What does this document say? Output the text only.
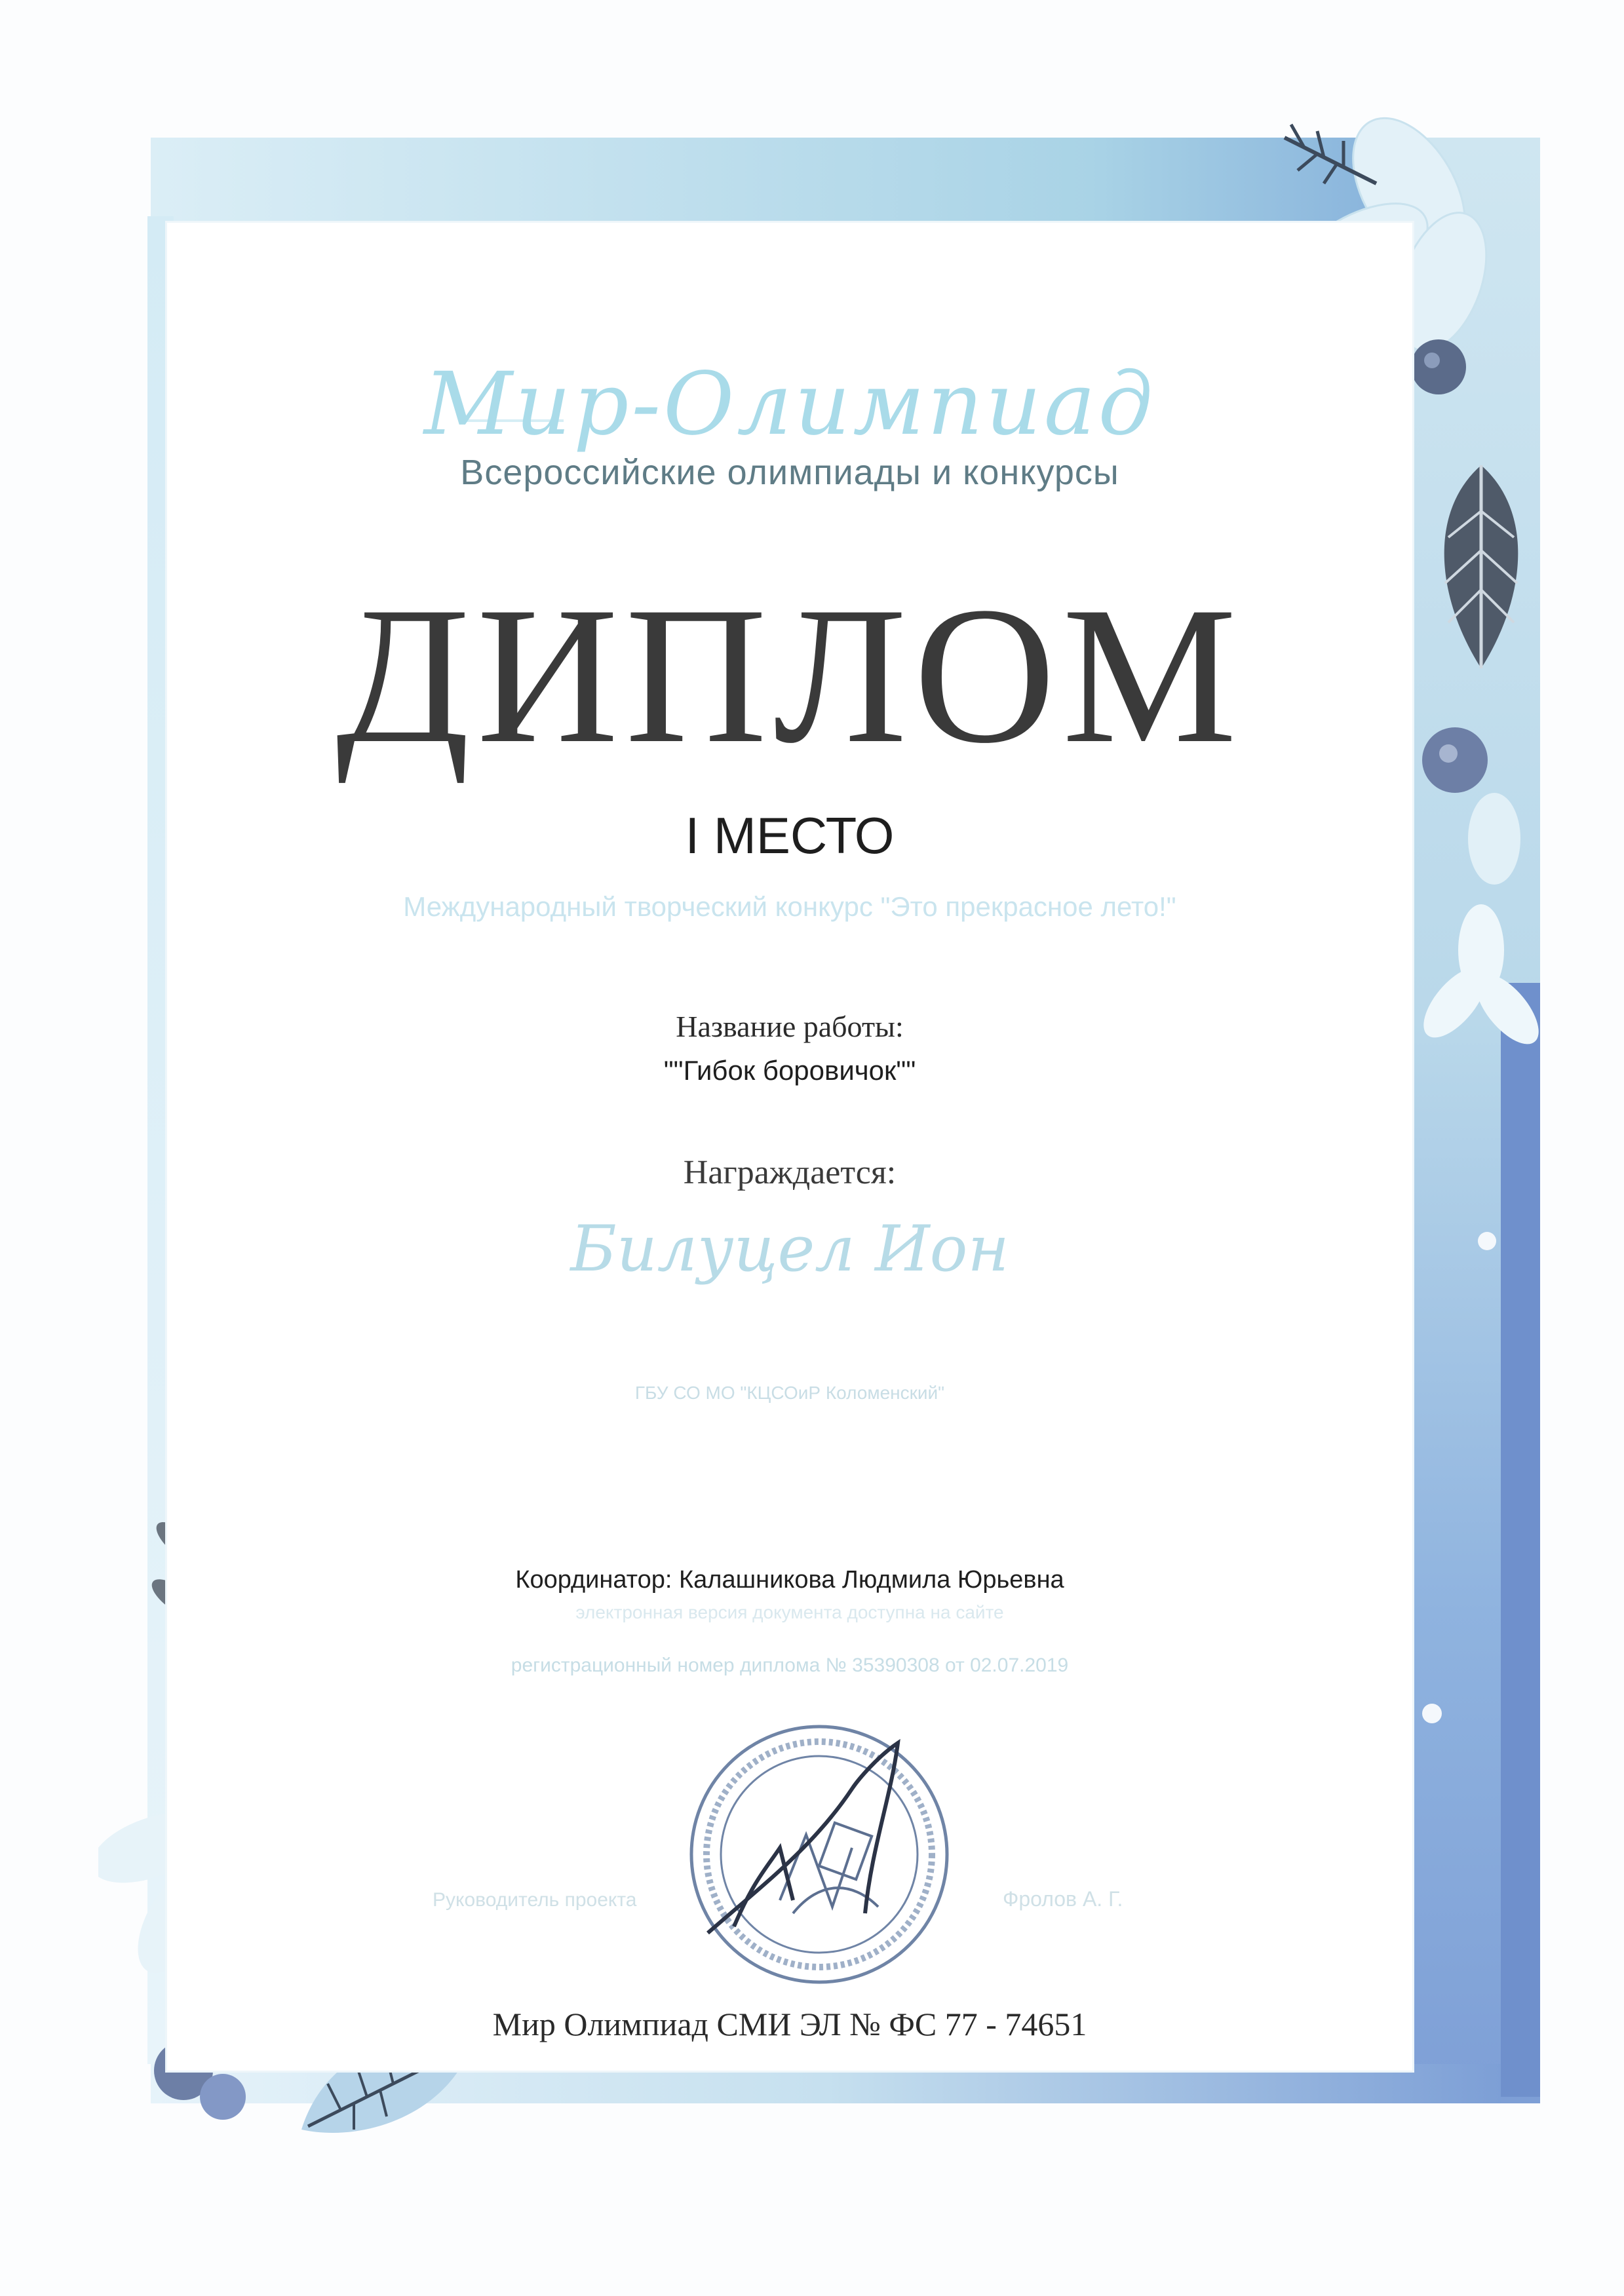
Мир-Олимпиад
Всероссийские олимпиады и конкурсы
ДИПЛОМ
I МЕСТО
Международный творческий конкурс "Это прекрасное лето!"
Название работы:
""Гибок боровичок""
Награждается:
Билуцел Ион
ГБУ СО МО "КЦСОиР Коломенский"
Координатор: Калашникова Людмила Юрьевна
электронная версия документа доступна на сайте
регистрационный номер диплома № 35390308 от 02.07.2019
Руководитель проекта	Фролов А. Г.
Мир Олимпиад СМИ ЭЛ № ФС 77 - 74651
